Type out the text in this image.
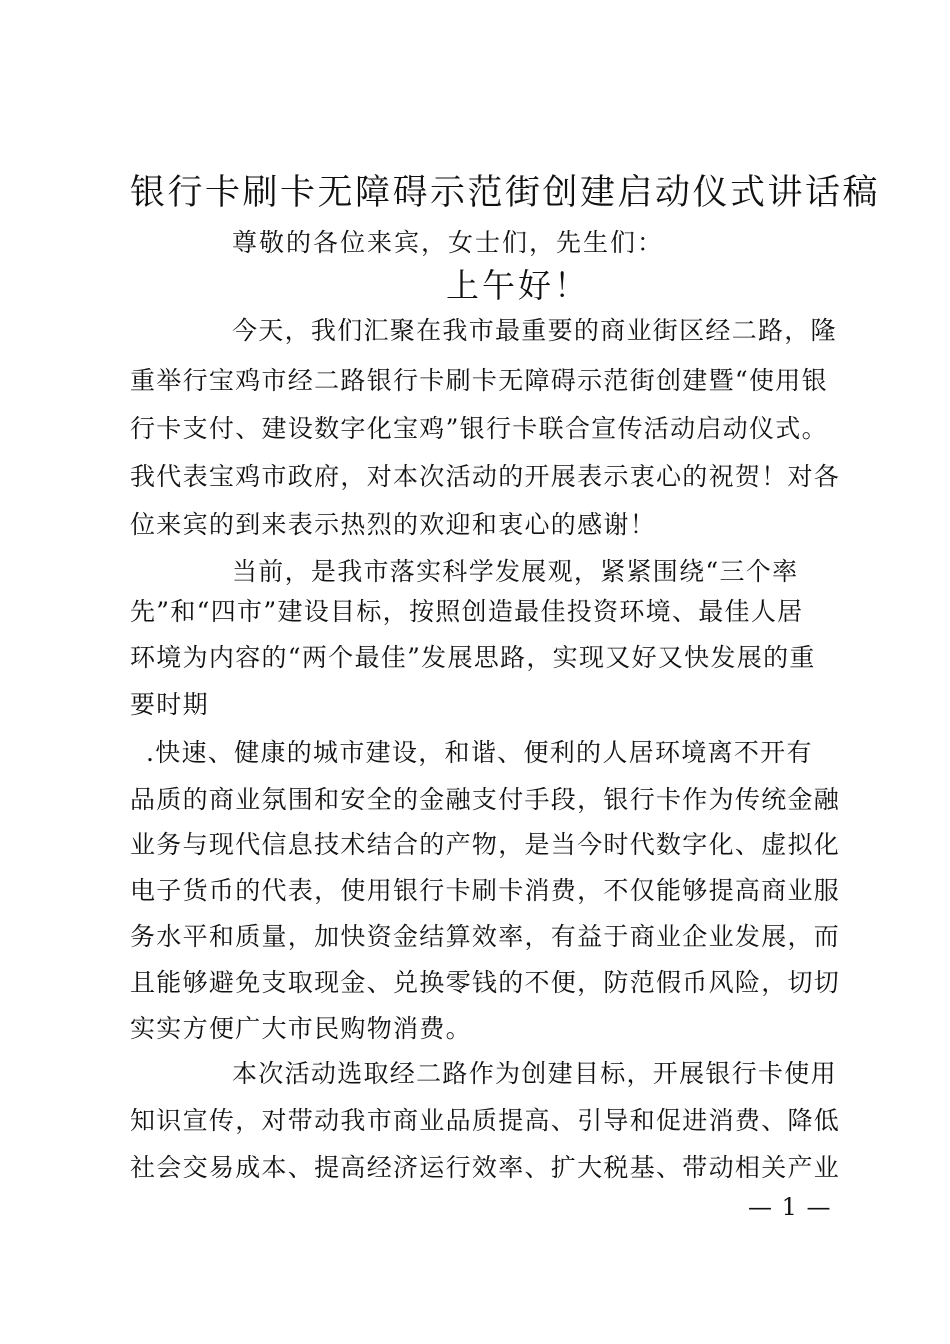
银行卡刷卡无障碍示范街创建启动仪式讲话稿
尊敬的各位来宾，女士们，先生们：
上午好！
今天，我们汇聚在我市最重要的商业街区经二路，隆
重举行宝鸡市经二路银行卡刷卡无障碍示范街创建暨“使用银
行卡支付、建设数字化宝鸡”银行卡联合宣传活动启动仪式。
我代表宝鸡市政府，对本次活动的开展表示衷心的祝贺！对各
位来宾的到来表示热烈的欢迎和衷心的感谢！
当前，是我市落实科学发展观，紧紧围绕“三个率
先”和“四市”建设目标，按照创造最佳投资环境、最佳人居
环境为内容的“两个最佳”发展思路，实现又好又快发展的重
要时期
.快速、健康的城市建设，和谐、便利的人居环境离不开有
品质的商业氛围和安全的金融支付手段，银行卡作为传统金融
业务与现代信息技术结合的产物，是当今时代数字化、虚拟化
电子货币的代表，使用银行卡刷卡消费，不仅能够提高商业服
务水平和质量，加快资金结算效率，有益于商业企业发展，而
且能够避免支取现金、兑换零钱的不便，防范假币风险，切切
实实方便广大市民购物消费。
本次活动选取经二路作为创建目标，开展银行卡使用
知识宣传，对带动我市商业品质提高、引导和促进消费、降低
社会交易成本、提高经济运行效率、扩大税基、带动相关产业
— 1 —
